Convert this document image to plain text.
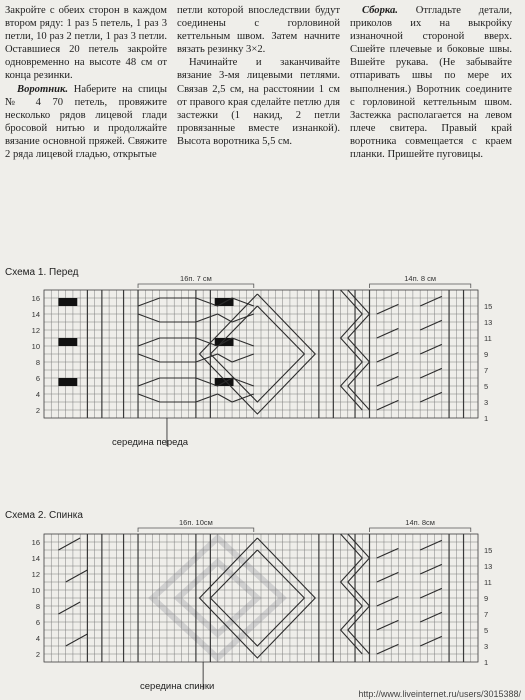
Закройте с обеих сторон в каждом втором ряду: 1 раз 5 петель, 1 раз 3 петли, 10 раз 2 петли, 1 раз 3 петли. Оставшиеся 20 петель закройте одновременно на высоте 48 см от конца резинки.

Воротник. Наберите на спицы № 4 70 петель, провяжите несколько рядов лицевой глади бросовой нитью и продолжайте вязание основной пряжей. Свяжите 2 ряда лицевой гладью, открытые

петли которой впоследствии будут соединены с горловиной кеттельным швом. Затем начните вязать резинку 3×2.

Начинайте и заканчивайте вязание 3-мя лицевыми петлями. Связав 2,5 см, на расстоянии 1 см от правого края сделайте петлю для застежки (1 накид, 2 петли провязанные вместе изнанкой). Высота воротника 5,5 см.

Сборка. Отгладьте детали, приколов их на выкройку изнаночной стороной вверх. Сшейте плечевые и боковые швы. Вшейте рукава. (Не забывайте отпаривать швы по мере их выполнения.) Воротник соедините с горловиной кеттельным швом. Застежка располагается на левом плече свитера. Правый край воротника совмещается с краем планки. Пришейте пуговицы.

Схема 1. Перед
16
14
12
10
8
6
4
2
15
13
11
9
7
5
3
1
16п. 7 см	14п. 8 см
середина переда
Схема 2. Спинка
16
14
12
10
8
6
4
2
15
13
11
9
7
5
3
1
16п. 10см	14п. 8см
середина спинки
http://www.liveinternet.ru/users/3015388/
